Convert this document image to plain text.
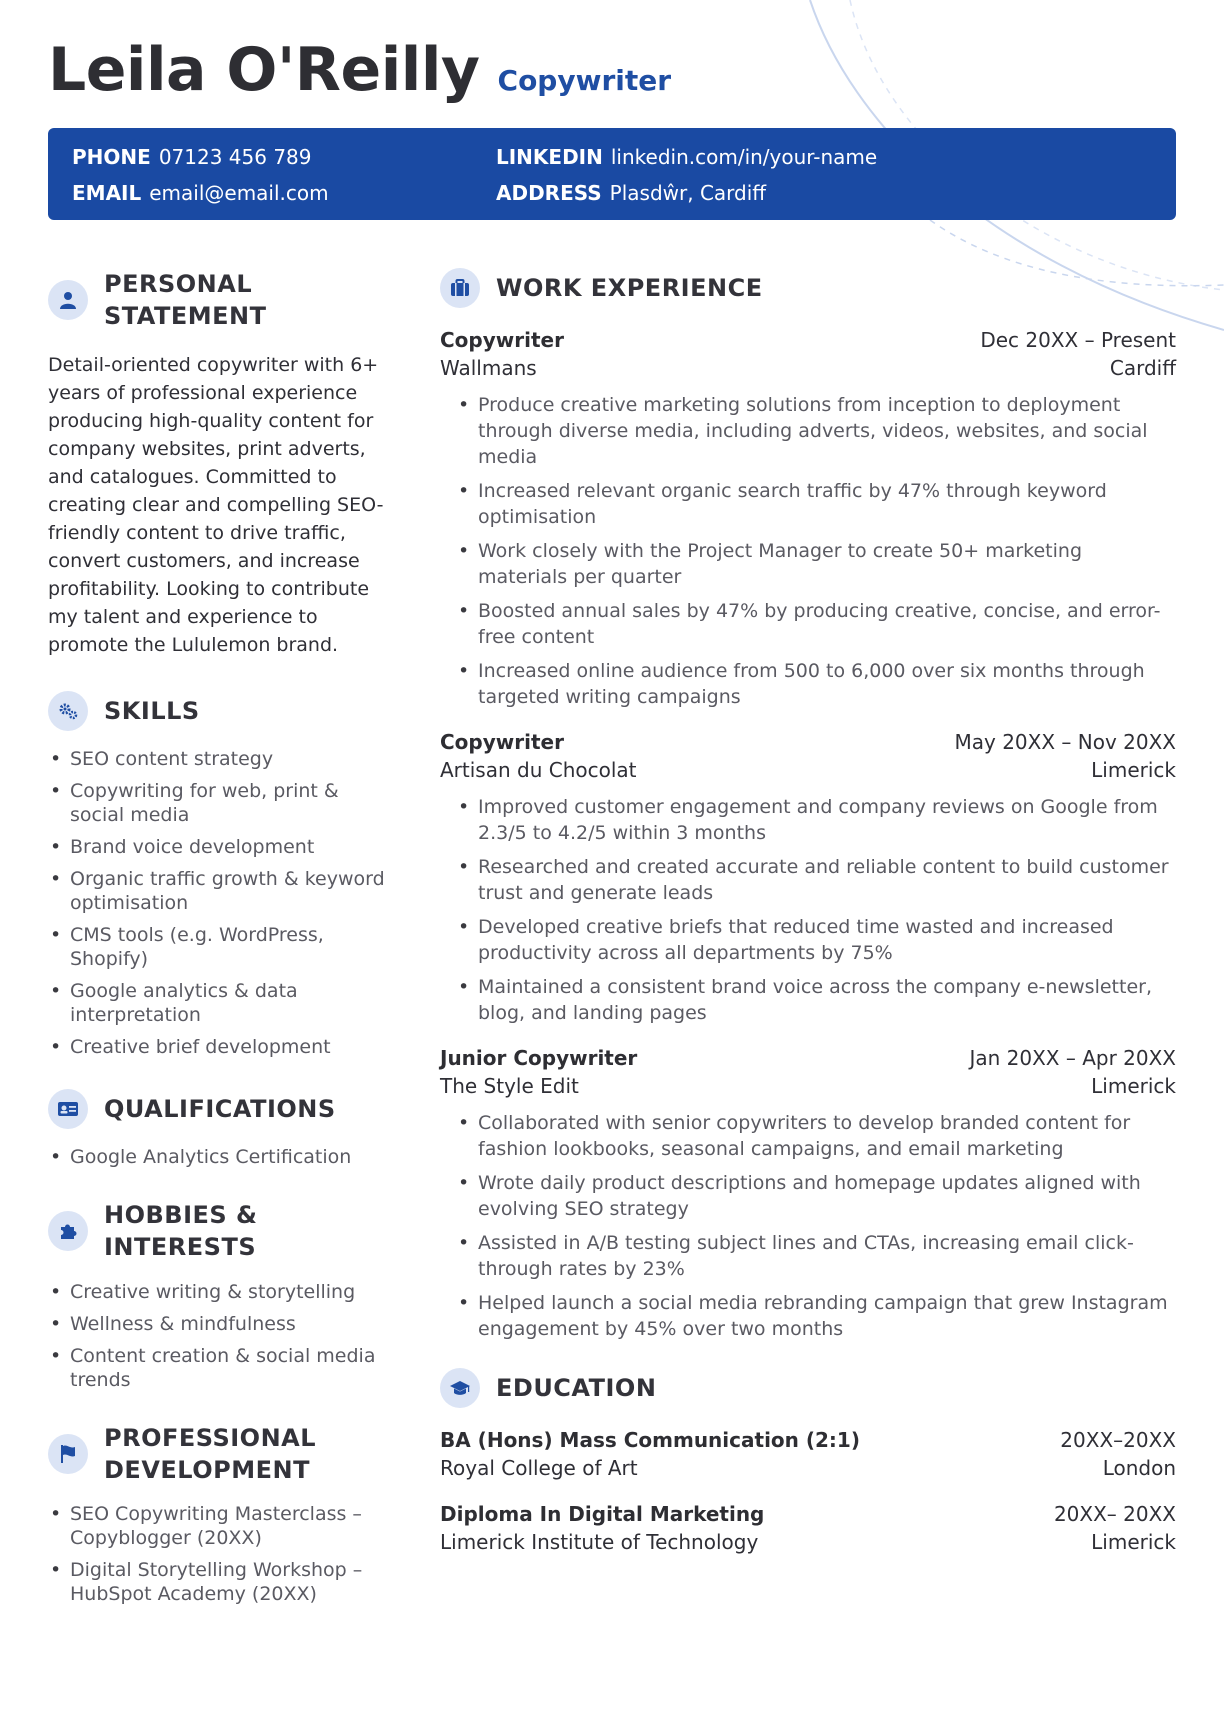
Leila O'Reilly Copywriter
PHONE 07123 456 789
EMAIL email@email.com
LINKEDIN linkedin.com/in/your-name
ADDRESS Plasdŵr, Cardiff
PERSONAL STATEMENT

Detail-oriented copywriter with 6+ years of professional experience producing high-quality content for company websites, print adverts, and catalogues. Committed to creating clear and compelling SEO-friendly content to drive traffic, convert customers, and increase profitability. Looking to contribute my talent and experience to promote the Lululemon brand.

SKILLS
• SEO content strategy
• Copywriting for web, print & social media
• Brand voice development
• Organic traffic growth & keyword optimisation
• CMS tools (e.g. WordPress, Shopify)
• Google analytics & data interpretation
• Creative brief development
QUALIFICATIONS
• Google Analytics Certification
HOBBIES & INTERESTS
• Creative writing & storytelling
• Wellness & mindfulness
• Content creation & social media trends
PROFESSIONAL
DEVELOPMENT
• SEO Copywriting Masterclass – Copyblogger (20XX)
• Digital Storytelling Workshop – HubSpot Academy (20XX)
WORK EXPERIENCE
Copywriter	Dec 20XX – Present
Wallmans	Cardiff
• Produce creative marketing solutions from inception to deployment through diverse media, including adverts, videos, websites, and social media
• Increased relevant organic search traffic by 47% through keyword optimisation
• Work closely with the Project Manager to create 50+ marketing materials per quarter
• Boosted annual sales by 47% by producing creative, concise, and error-free content
• Increased online audience from 500 to 6,000 over six months through targeted writing campaigns
Copywriter	May 20XX – Nov 20XX
Artisan du Chocolat	Limerick
• Improved customer engagement and company reviews on Google from 2.3/5 to 4.2/5 within 3 months
• Researched and created accurate and reliable content to build customer trust and generate leads
• Developed creative briefs that reduced time wasted and increased productivity across all departments by 75%
• Maintained a consistent brand voice across the company e-newsletter, blog, and landing pages
Junior Copywriter	Jan 20XX – Apr 20XX
The Style Edit	Limerick
• Collaborated with senior copywriters to develop branded content for fashion lookbooks, seasonal campaigns, and email marketing
• Wrote daily product descriptions and homepage updates aligned with evolving SEO strategy
• Assisted in A/B testing subject lines and CTAs, increasing email click-through rates by 23%
• Helped launch a social media rebranding campaign that grew Instagram engagement by 45% over two months
EDUCATION
BA (Hons) Mass Communication (2:1)	20XX–20XX
Royal College of Art	London
Diploma In Digital Marketing	20XX– 20XX
Limerick Institute of Technology	Limerick
